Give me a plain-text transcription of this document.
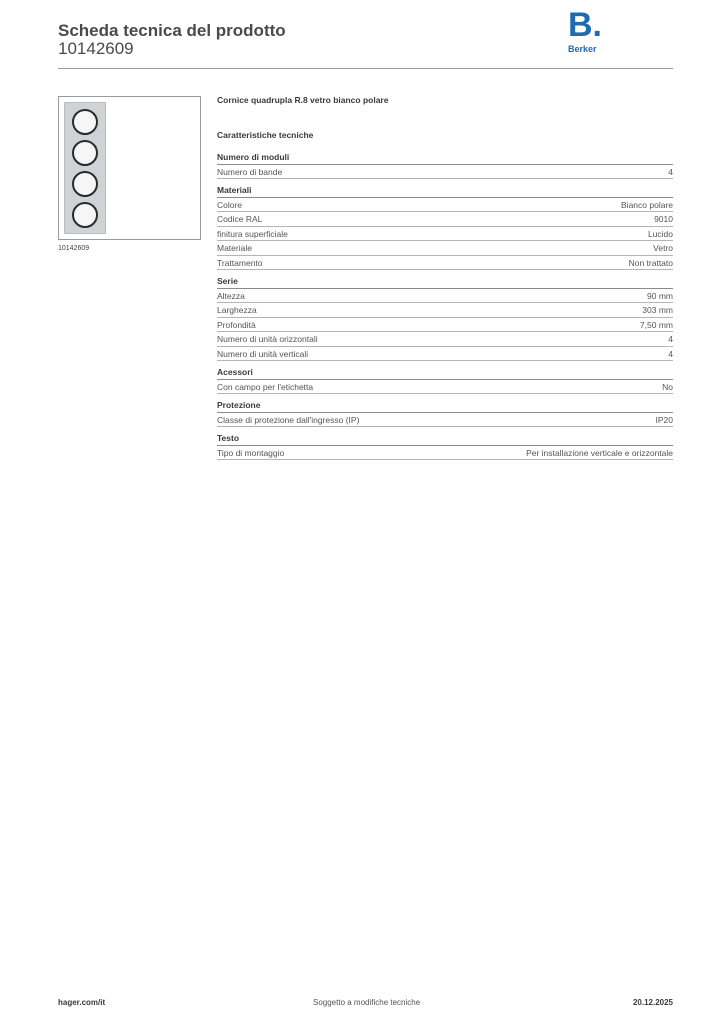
Scheda tecnica del prodotto
10142609
B.
Berker
10142609
Cornice quadrupla R.8 vetro bianco polare
Caratteristiche tecniche
Numero di moduli
Numero di bande	4
Materiali
Colore	Bianco polare
Codice RAL	9010
finitura superficiale	Lucido
Materiale	Vetro
Trattamento	Non trattato
Serie
Altezza	90 mm
Larghezza	303 mm
Profondità	7,50 mm
Numero di unità orizzontali	4
Numero di unità verticali	4
Acessori
Con campo per l'etichetta	No
Protezione
Classe di protezione dall'ingresso (IP)	IP20
Testo
Tipo di montaggio	Per installazione verticale e orizzontale
hager.com/it	Soggetto a modifiche tecniche	20.12.2025
